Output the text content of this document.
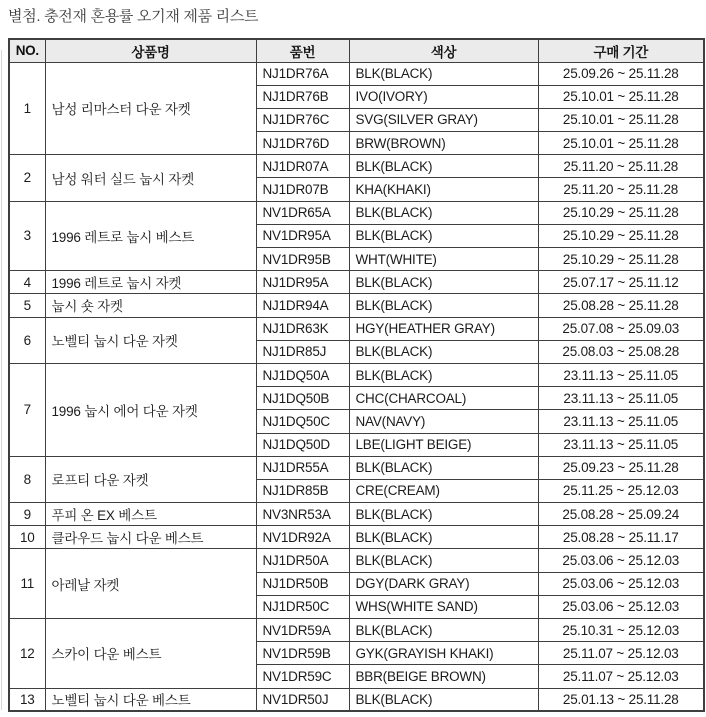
별첨. 충전재 혼용률 오기재 제품 리스트
NO.	상품명	품번	색상	구매 기간
1	남성 리마스터 다운 자켓	NJ1DR76A	BLK(BLACK)	25.09.26 ~ 25.11.28
		NJ1DR76B	IVO(IVORY)	25.10.01 ~ 25.11.28
		NJ1DR76C	SVG(SILVER GRAY)	25.10.01 ~ 25.11.28
		NJ1DR76D	BRW(BROWN)	25.10.01 ~ 25.11.28
2	남성 워터 실드 눕시 자켓	NJ1DR07A	BLK(BLACK)	25.11.20 ~ 25.11.28
		NJ1DR07B	KHA(KHAKI)	25.11.20 ~ 25.11.28
3	1996 레트로 눕시 베스트	NV1DR65A	BLK(BLACK)	25.10.29 ~ 25.11.28
		NV1DR95A	BLK(BLACK)	25.10.29 ~ 25.11.28
		NV1DR95B	WHT(WHITE)	25.10.29 ~ 25.11.28
4	1996 레트로 눕시 자켓	NJ1DR95A	BLK(BLACK)	25.07.17 ~ 25.11.12
5	눕시 숏 자켓	NJ1DR94A	BLK(BLACK)	25.08.28 ~ 25.11.28
6	노벨티 눕시 다운 자켓	NJ1DR63K	HGY(HEATHER GRAY)	25.07.08 ~ 25.09.03
		NJ1DR85J	BLK(BLACK)	25.08.03 ~ 25.08.28
7	1996 눕시 에어 다운 자켓	NJ1DQ50A	BLK(BLACK)	23.11.13 ~ 25.11.05
		NJ1DQ50B	CHC(CHARCOAL)	23.11.13 ~ 25.11.05
		NJ1DQ50C	NAV(NAVY)	23.11.13 ~ 25.11.05
		NJ1DQ50D	LBE(LIGHT BEIGE)	23.11.13 ~ 25.11.05
8	로프티 다운 자켓	NJ1DR55A	BLK(BLACK)	25.09.23 ~ 25.11.28
		NJ1DR85B	CRE(CREAM)	25.11.25 ~ 25.12.03
9	푸피 온 EX 베스트	NV3NR53A	BLK(BLACK)	25.08.28 ~ 25.09.24
10	클라우드 눕시 다운 베스트	NV1DR92A	BLK(BLACK)	25.08.28 ~ 25.11.17
11	아레날 자켓	NJ1DR50A	BLK(BLACK)	25.03.06 ~ 25.12.03
		NJ1DR50B	DGY(DARK GRAY)	25.03.06 ~ 25.12.03
		NJ1DR50C	WHS(WHITE SAND)	25.03.06 ~ 25.12.03
12	스카이 다운 베스트	NV1DR59A	BLK(BLACK)	25.10.31 ~ 25.12.03
		NV1DR59B	GYK(GRAYISH KHAKI)	25.11.07 ~ 25.12.03
		NV1DR59C	BBR(BEIGE BROWN)	25.11.07 ~ 25.12.03
13	노벨티 눕시 다운 베스트	NV1DR50J	BLK(BLACK)	25.01.13 ~ 25.11.28
